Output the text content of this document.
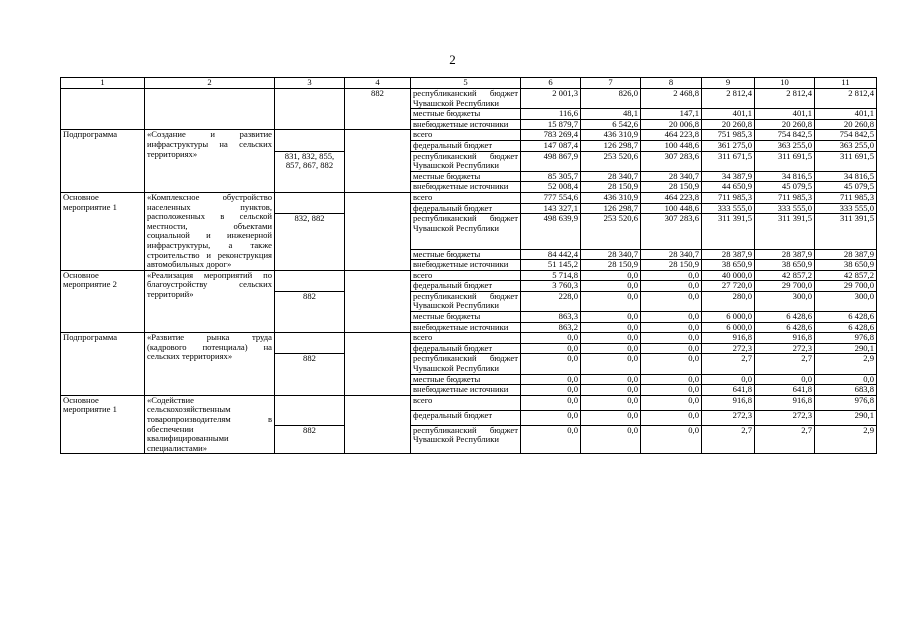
2
1	2	3	4	5	6	7	8	9	10	11
			882	республиканский бюджет Чувашской Республики	2 001,3	826,0	2 468,8	2 812,4	2 812,4	2 812,4
				местные бюджеты	116,6	48,1	147,1	401,1	401,1	401,1
				внебюджетные источники	15 879,7	6 542,6	20 006,8	20 260,8	20 260,8	20 260,8
Подпрограмма	«Создание и развитие инфраструктуры на сельских территориях»			всего	783 269,4	436 310,9	464 223,8	751 985,3	754 842,5	754 842,5
				федеральный бюджет	147 087,4	126 298,7	100 448,6	361 275,0	363 255,0	363 255,0
		831, 832, 855, 857, 867, 882		республиканский бюджет Чувашской Республики	498 867,9	253 520,6	307 283,6	311 671,5	311 691,5	311 691,5
				местные бюджеты	85 305,7	28 340,7	28 340,7	34 387,9	34 816,5	34 816,5
				внебюджетные источники	52 008,4	28 150,9	28 150,9	44 650,9	45 079,5	45 079,5
Основное мероприятие 1	«Комплексное обустройство населенных пунктов, расположенных в сельской местности, объектами социальной и инженерной инфраструктуры, а также строительство и реконструкция автомобильных дорог»			всего	777 554,6	436 310,9	464 223,8	711 985,3	711 985,3	711 985,3
				федеральный бюджет	143 327,1	126 298,7	100 448,6	333 555,0	333 555,0	333 555,0
		832, 882		республиканский бюджет Чувашской Республики	498 639,9	253 520,6	307 283,6	311 391,5	311 391,5	311 391,5
				местные бюджеты	84 442,4	28 340,7	28 340,7	28 387,9	28 387,9	28 387,9
				внебюджетные источники	51 145,2	28 150,9	28 150,9	38 650,9	38 650,9	38 650,9
Основное мероприятие 2	«Реализация мероприятий по благоустройству сельских территорий»			всего	5 714,8	0,0	0,0	40 000,0	42 857,2	42 857,2
				федеральный бюджет	3 760,3	0,0	0,0	27 720,0	29 700,0	29 700,0
		882		республиканский бюджет Чувашской Республики	228,0	0,0	0,0	280,0	300,0	300,0
				местные бюджеты	863,3	0,0	0,0	6 000,0	6 428,6	6 428,6
				внебюджетные источники	863,2	0,0	0,0	6 000,0	6 428,6	6 428,6
Подпрограмма	«Развитие рынка труда (кадрового потенциала) на сельских территориях»			всего	0,0	0,0	0,0	916,8	916,8	976,8
				федеральный бюджет	0,0	0,0	0,0	272,3	272,3	290,1
		882		республиканский бюджет Чувашской Республики	0,0	0,0	0,0	2,7	2,7	2,9
				местные бюджеты	0,0	0,0	0,0	0,0	0,0	0,0
				внебюджетные источники	0,0	0,0	0,0	641,8	641,8	683,8
Основное мероприятие 1	«Содействие сельскохозяйственным товаропроизводителям в обеспечении квалифицированными специалистами»			всего	0,0	0,0	0,0	916,8	916,8	976,8
				федеральный бюджет	0,0	0,0	0,0	272,3	272,3	290,1
		882		республиканский бюджет Чувашской Республики	0,0	0,0	0,0	2,7	2,7	2,9
